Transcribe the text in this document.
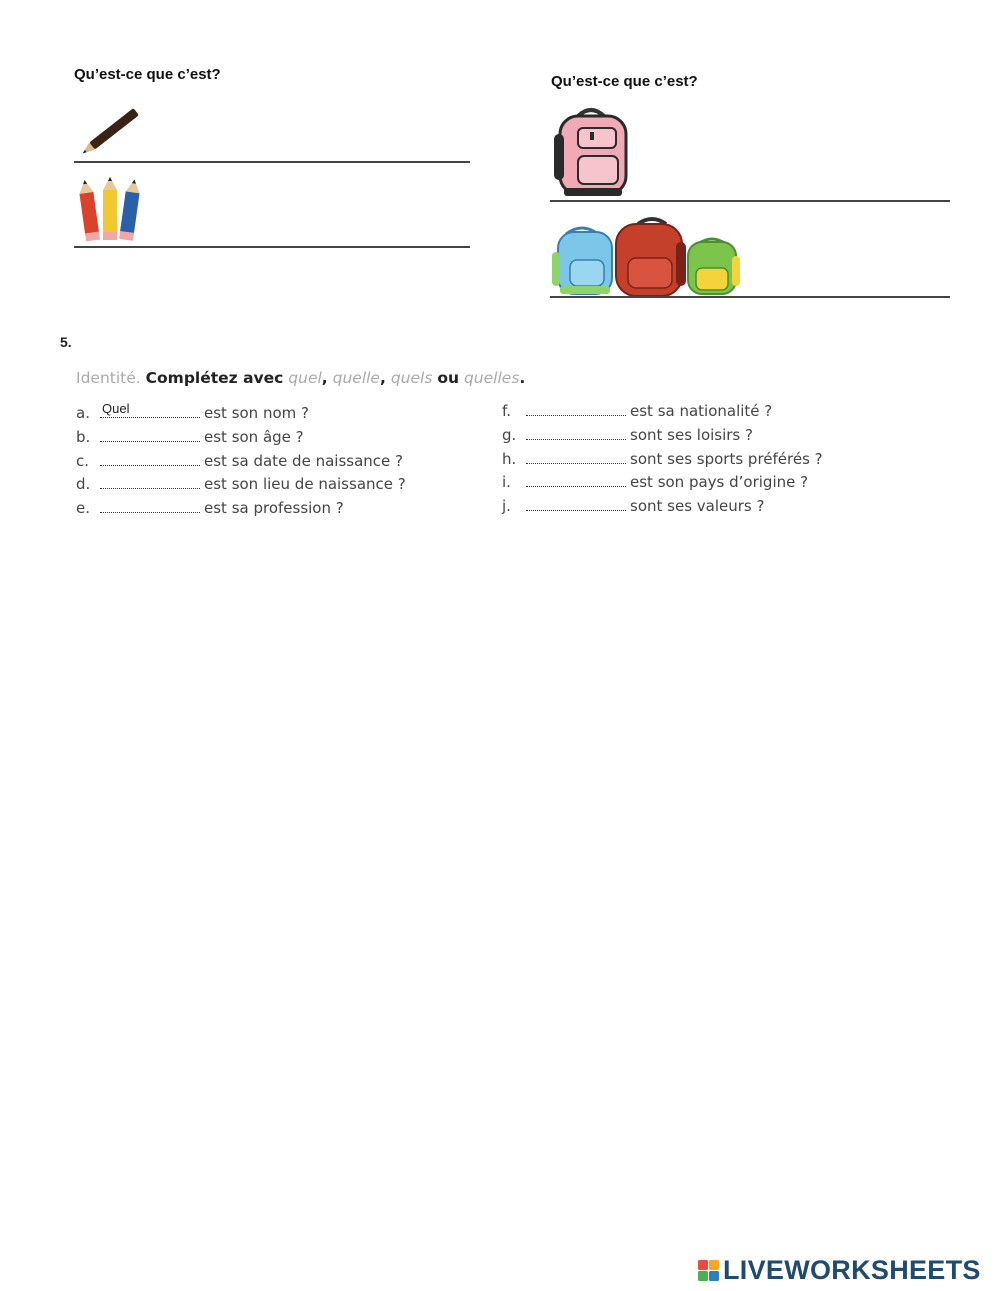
Qu’est-ce que c’est?	Qu’est-ce que c’est?
5.
Identité. Complétez avec quel, quelle, quels ou quelles.
a. Quel	est son nom ?
b.	est son âge ?
c.	est sa date de naissance ?
d.	est son lieu de naissance ?
e.	est sa profession ?
f.	est sa nationalité ?
g.	sont ses loisirs ?
h.	sont ses sports préférés ?
i.	est son pays d’origine ?
j.	sont ses valeurs ?
LIVEWORKSHEETS
